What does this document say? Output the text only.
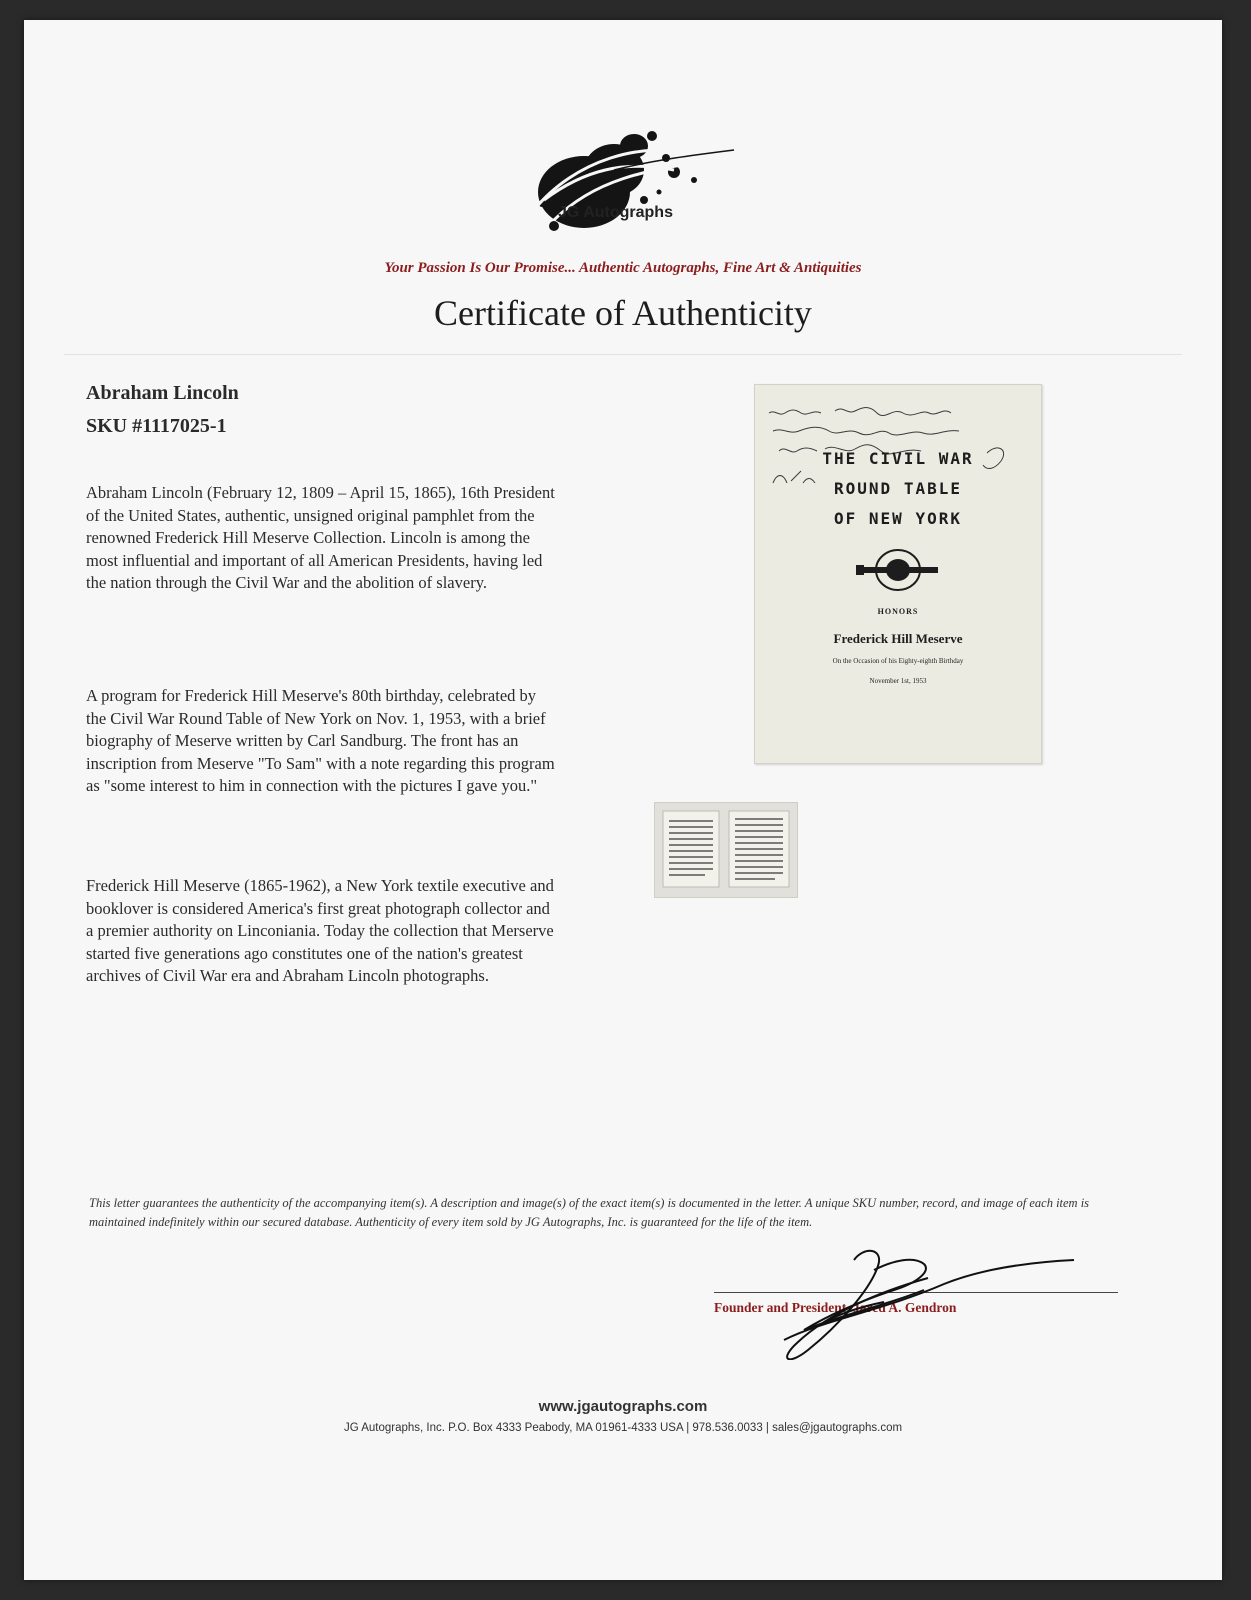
JG Autographs
Your Passion Is Our Promise... Authentic Autographs, Fine Art & Antiquities
Certificate of Authenticity
Abraham Lincoln
SKU #1117025-1
Abraham Lincoln (February 12, 1809 – April 15, 1865), 16th President of the United States, authentic, unsigned original pamphlet from the renowned Frederick Hill Meserve Collection. Lincoln is among the most influential and important of all American Presidents, having led the nation through the Civil War and the abolition of slavery.
A program for Frederick Hill Meserve's 80th birthday, celebrated by the Civil War Round Table of New York on Nov. 1, 1953, with a brief biography of Meserve written by Carl Sandburg. The front has an inscription from Meserve "To Sam" with a note regarding this program as "some interest to him in connection with the pictures I gave you."
Frederick Hill Meserve (1865-1962), a New York textile executive and booklover is considered America's first great photograph collector and a premier authority on Linconiania. Today the collection that Merserve started five generations ago constitutes one of the nation's greatest archives of Civil War era and Abraham Lincoln photographs.
THE CIVIL WAR
ROUND TABLE
OF NEW YORK
HONORS
Frederick Hill Meserve
On the Occasion of his Eighty-eighth Birthday
November 1st, 1953
This letter guarantees the authenticity of the accompanying item(s). A description and image(s) of the exact item(s) is documented in the letter. A unique SKU number, record, and image of each item is maintained indefinitely within our secured database. Authenticity of every item sold by JG Autographs, Inc. is guaranteed for the life of the item.
Founder and President, Jared A. Gendron
www.jgautographs.com
JG Autographs, Inc. P.O. Box 4333 Peabody, MA 01961-4333 USA | 978.536.0033 | sales@jgautographs.com
